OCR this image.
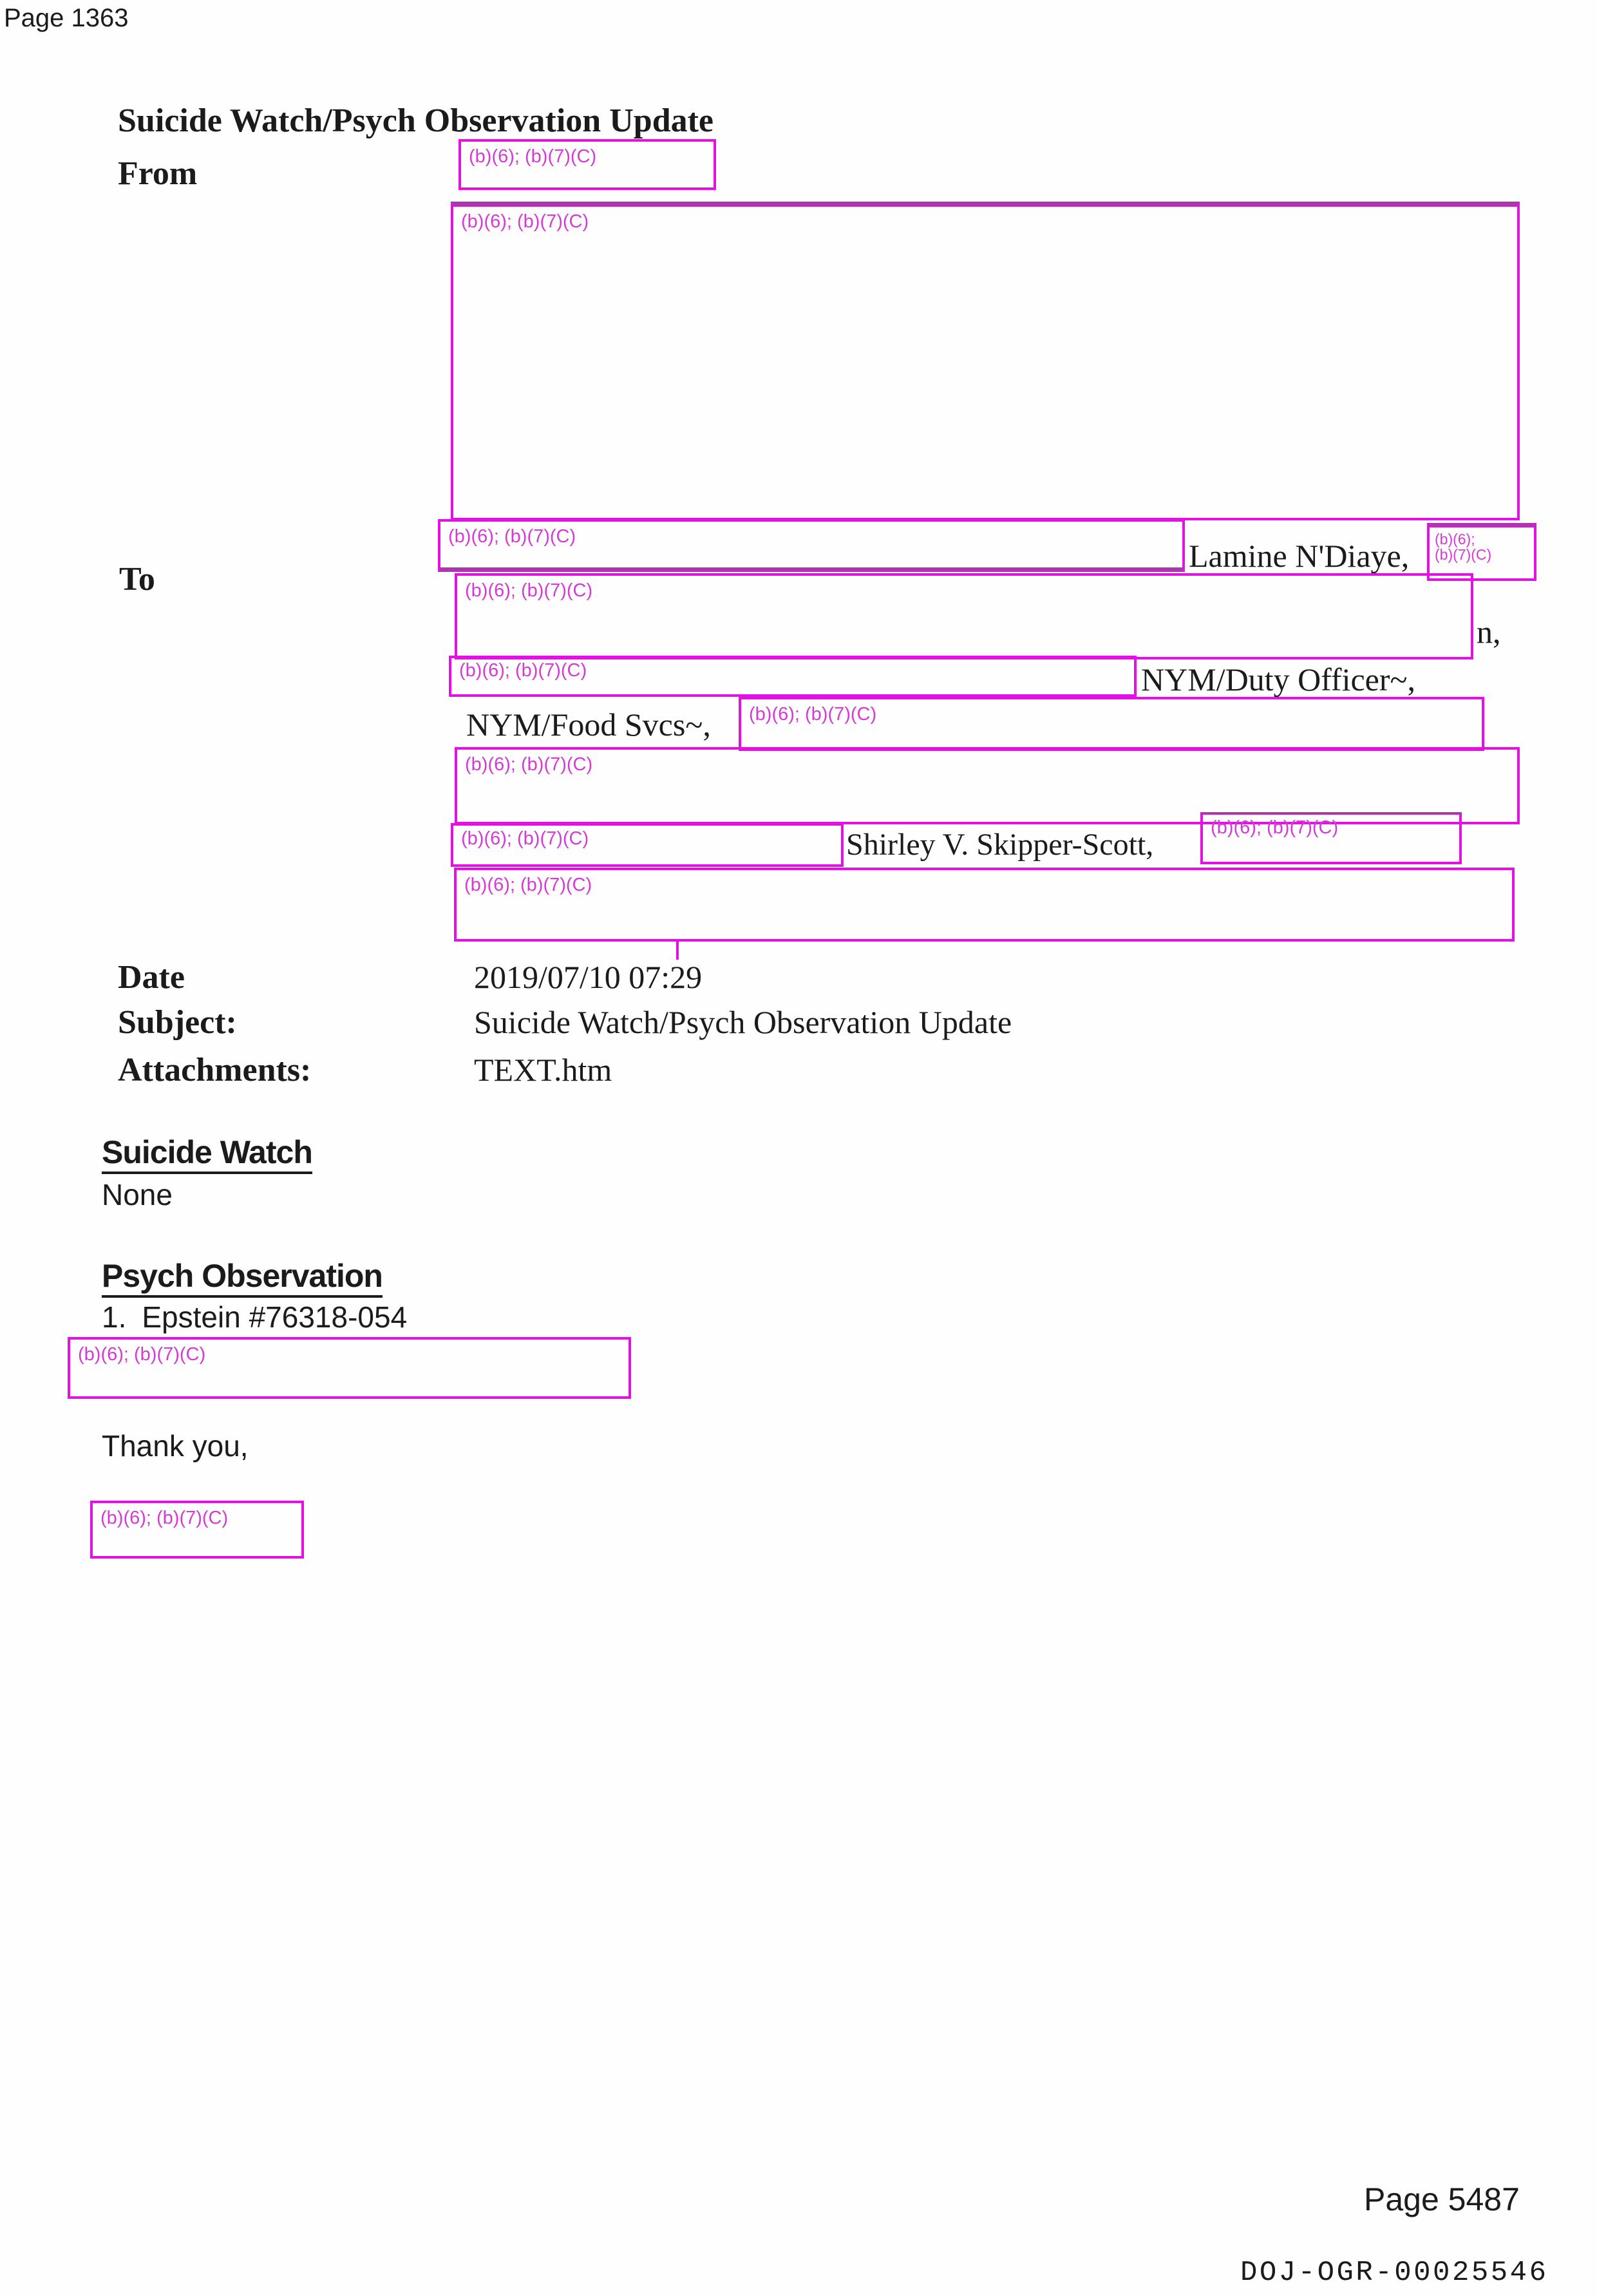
Page 1363
Suicide Watch/Psych Observation Update
From	(b)(6); (b)(7)(C)
(b)(6); (b)(7)(C)
To
(b)(6); (b)(7)(C)
Lamine N'Diaye,	(b)(6);
(b)(7)(C)
n,
(b)(6); (b)(7)(C)
(b)(6); (b)(7)(C)	NYM/Duty Officer~,
NYM/Food Svcs~,	(b)(6); (b)(7)(C)
(b)(6); (b)(7)(C)
(b)(6); (b)(7)(C)	Shirley V. Skipper-Scott,	(b)(6); (b)(7)(C)
(b)(6); (b)(7)(C)
Date	2019/07/10 07:29
Subject:	Suicide Watch/Psych Observation Update
Attachments:	TEXT.htm
Suicide Watch
None
Psych Observation
1. Epstein #76318-054
(b)(6); (b)(7)(C)
Thank you,
(b)(6); (b)(7)(C)
Page 5487
DOJ-OGR-00025546
